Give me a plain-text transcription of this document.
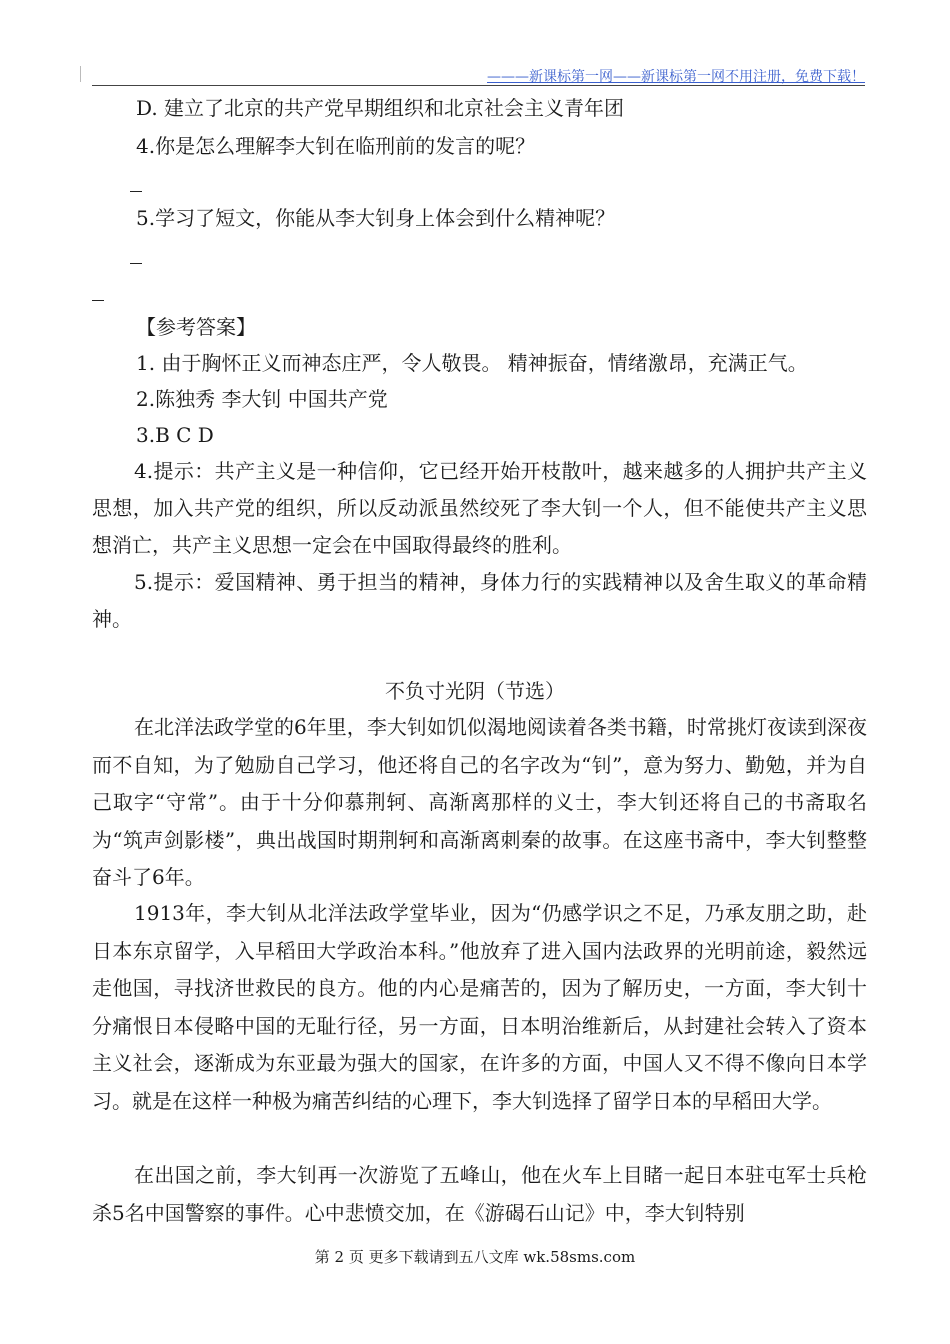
———新课标第一网——新课标第一网不用注册，免费下载！
D. 建立了北京的共产党早期组织和北京社会主义青年团
4.你是怎么理解李大钊在临刑前的发言的呢？
5.学习了短文，你能从李大钊身上体会到什么精神呢？
【参考答案】
1. 由于胸怀正义而神态庄严，令人敬畏。 精神振奋，情绪激昂，充满正气。
2.陈独秀 李大钊 中国共产党
3.B C D

4.提示：共产主义是一种信仰，它已经开始开枝散叶，越来越多的人拥护共产主义思想，加入共产党的组织，所以反动派虽然绞死了李大钊一个人，但不能使共产主义思想消亡，共产主义思想一定会在中国取得最终的胜利。

5.提示：爱国精神、勇于担当的精神，身体力行的实践精神以及舍生取义的革命精神。

不负寸光阴（节选）

在北洋法政学堂的6年里，李大钊如饥似渴地阅读着各类书籍，时常挑灯夜读到深夜而不自知，为了勉励自己学习，他还将自己的名字改为“钊”，意为努力、勤勉，并为自己取字“守常”。由于十分仰慕荆轲、高渐离那样的义士，李大钊还将自己的书斋取名为“筑声剑影楼”，典出战国时期荆轲和高渐离刺秦的故事。在这座书斋中，李大钊整整奋斗了6年。

1913年，李大钊从北洋法政学堂毕业，因为“仍感学识之不足，乃承友朋之助，赴日本东京留学，入早稻田大学政治本科。”他放弃了进入国内法政界的光明前途，毅然远走他国，寻找济世救民的良方。他的内心是痛苦的，因为了解历史，一方面，李大钊十分痛恨日本侵略中国的无耻行径，另一方面，日本明治维新后，从封建社会转入了资本主义社会，逐渐成为东亚最为强大的国家，在许多的方面，中国人又不得不像向日本学习。就是在这样一种极为痛苦纠结的心理下，李大钊选择了留学日本的早稻田大学。

在出国之前，李大钊再一次游览了五峰山，他在火车上目睹一起日本驻屯军士兵枪杀5名中国警察的事件。心中悲愤交加，在《游碣石山记》中，李大钊特别

第 2 页 更多下载请到五八文库 wk.58sms.com
